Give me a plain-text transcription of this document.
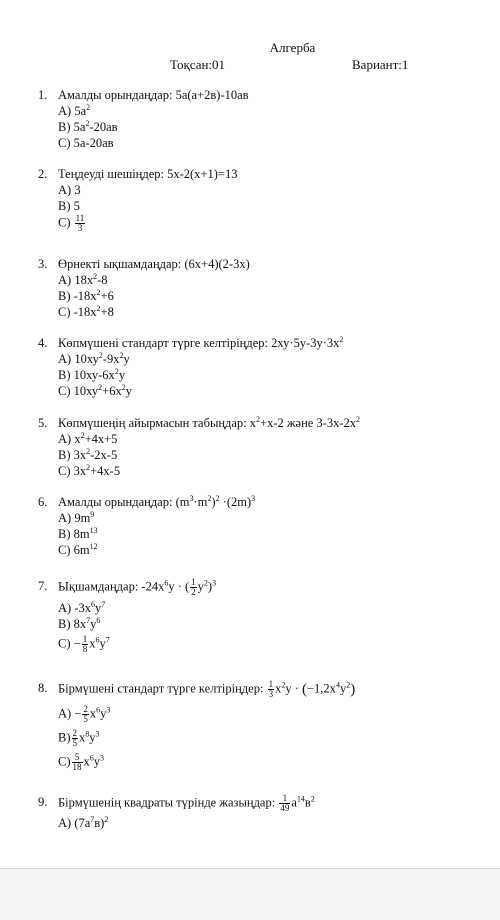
Алгерба
Тоқсан:01	Вариант:1
1. Амалды орындаңдар: 5а(а+2в)-10ав
А) $5а^2$
В) $5а^2-20ав$
С) 5а-20ав
2. Теңдеуді шешіңдер: 5х-2(х+1)=13
А) 3
В) 5
$С) \frac{11}{3}$
3. Өрнекті ықшамдаңдар: (6х+4)(2-3х)
А) $18х^2-8$
В) $-18х^2+6$
С) $-18х^2+8$
4. Көпмүшені стандарт түрге келтіріңдер: $2ху\cdot 5у-3у\cdot 3х^2$
А) $10ху^2-9х^2у$
В) $10ху-6х^2у$
С) $10ху^2+6х^2у$
5. Көпмүшеңің айырмасын табыңдар: $х^2+х-2$ және $3-3х-2х^2$
А) $х^2+4х+5$
В) $3х^2-2х-5$
С) $3х^2+4х-5$
6. Амалды орындаңдар: $(m^3\cdot m^2)^2 \cdot(2m)^3$
А) $9m^9$
В) $8m^{13}$
С) $6m^{12}$
7. Ықшамдаңдар: $-24х^6у$ · ( $\frac{1}{2} у^2)^3$
А) $-3х^6у^7$
В) $8х^7у^6$
$С) - \frac{1}{8} х^6у^7$
8. Бірмүшені стандарт түрге келтіріңдер: $\frac{1}{3} х^2у \cdot (-1,2х^4у^2)$
$А) - \frac{2}{5} х^6у^3$
$В) \frac{2}{5} х^8у^3$
$С) \frac{5}{18} х^6у^3$
9. Бірмүшенің квадраты түрінде жазыңдар: $\frac{1}{49} а^{14}в^2$
А) $(7а^7в)^2$
